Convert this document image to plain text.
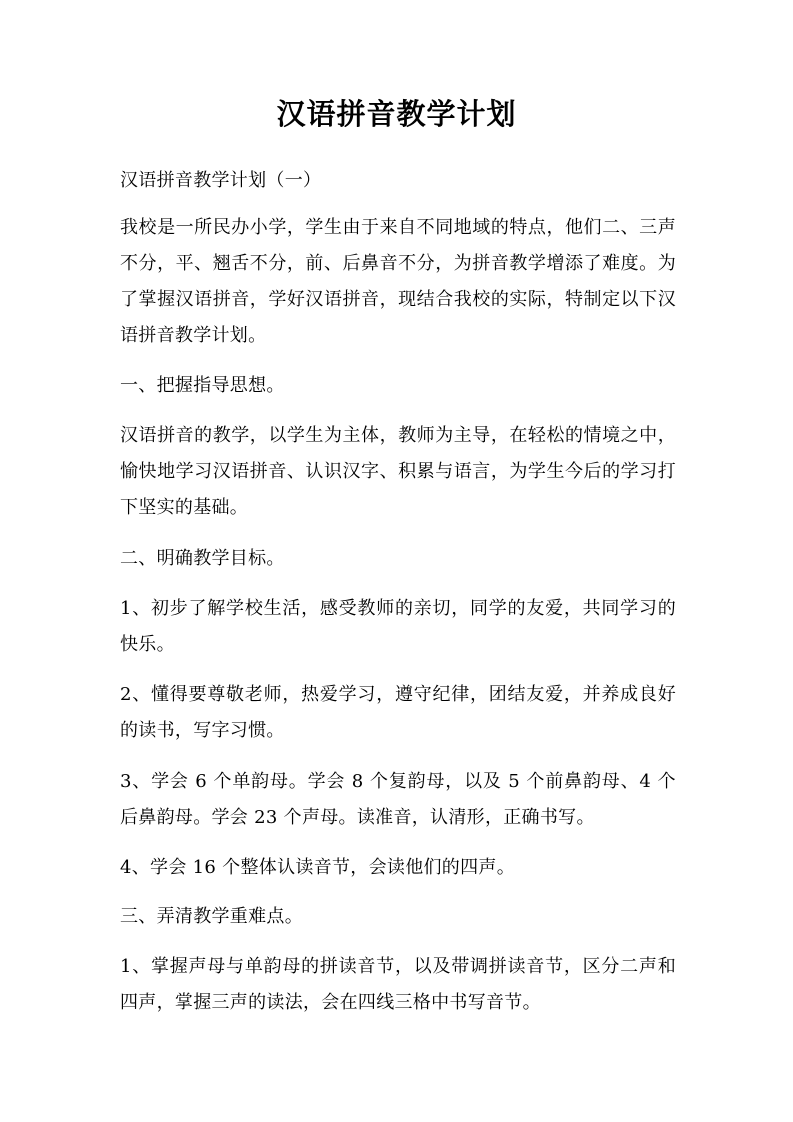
汉语拼音教学计划

汉语拼音教学计划（一）

我校是一所民办小学，学生由于来自不同地域的特点，他们二、三声不分，平、翘舌不分，前、后鼻音不分，为拼音教学增添了难度。为了掌握汉语拼音，学好汉语拼音，现结合我校的实际，特制定以下汉语拼音教学计划。

一、把握指导思想。

汉语拼音的教学，以学生为主体，教师为主导，在轻松的情境之中，愉快地学习汉语拼音、认识汉字、积累与语言，为学生今后的学习打下坚实的基础。

二、明确教学目标。

1、初步了解学校生活，感受教师的亲切，同学的友爱，共同学习的快乐。

2、懂得要尊敬老师，热爱学习，遵守纪律，团结友爱，并养成良好的读书，写字习惯。

3、学会 6 个单韵母。学会 8 个复韵母，以及 5 个前鼻韵母、4 个后鼻韵母。学会 23 个声母。读准音，认清形，正确书写。

4、学会 16 个整体认读音节，会读他们的四声。

三、弄清教学重难点。

1、掌握声母与单韵母的拼读音节，以及带调拼读音节，区分二声和四声，掌握三声的读法，会在四线三格中书写音节。
